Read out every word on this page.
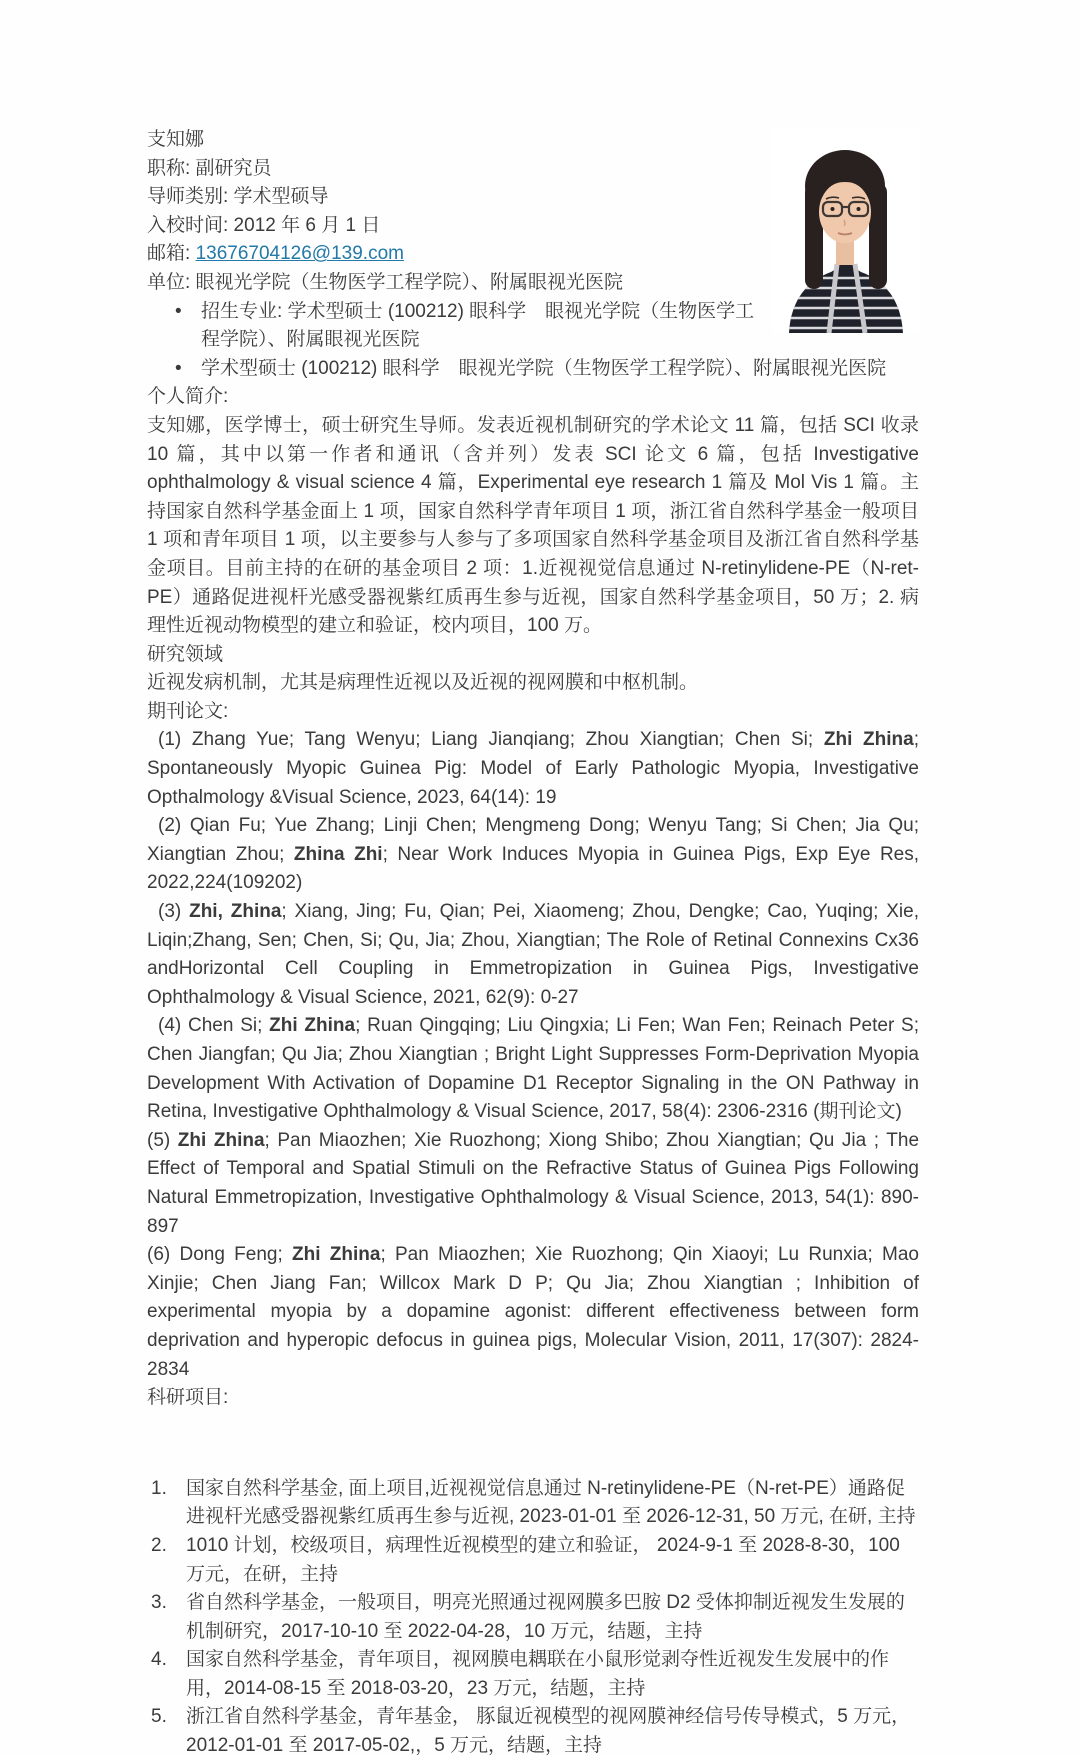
支知娜
职称: 副研究员
导师类别: 学术型硕导
入校时间: 2012 年 6 月 1 日
邮箱: 13676704126@139.com
单位: 眼视光学院（生物医学工程学院）、附属眼视光医院
•	招生专业: 学术型硕士 (100212) 眼科学　眼视光学院（生物医学工程学院）、附属眼视光医院
•	学术型硕士 (100212) 眼科学　眼视光学院（生物医学工程学院）、附属眼视光医院
个人简介:
支知娜，医学博士，硕士研究生导师。发表近视机制研究的学术论文 11 篇，包括 SCI 收录 10 篇，其中以第一作者和通讯（含并列）发表 SCI 论文 6 篇，包括 Investigative ophthalmology & visual science 4 篇，Experimental eye research 1 篇及 Mol Vis 1 篇。主持国家自然科学基金面上 1 项，国家自然科学青年项目 1 项，浙江省自然科学基金一般项目 1 项和青年项目 1 项，以主要参与人参与了多项国家自然科学基金项目及浙江省自然科学基金项目。目前主持的在研的基金项目 2 项：1.近视视觉信息通过 N-retinylidene-PE（N-ret-PE）通路促进视杆光感受器视紫红质再生参与近视，国家自然科学基金项目，50 万；2. 病理性近视动物模型的建立和验证，校内项目，100 万。
研究领域
近视发病机制，尤其是病理性近视以及近视的视网膜和中枢机制。
期刊论文:
(1) Zhang Yue; Tang Wenyu; Liang Jianqiang; Zhou Xiangtian; Chen Si; Zhi Zhina; Spontaneously Myopic Guinea Pig: Model of Early Pathologic Myopia, Investigative Opthalmology &Visual Science, 2023, 64(14): 19
(2) Qian Fu; Yue Zhang; Linji Chen; Mengmeng Dong; Wenyu Tang; Si Chen; Jia Qu; Xiangtian Zhou; Zhina Zhi; Near Work Induces Myopia in Guinea Pigs, Exp Eye Res, 2022,224(109202)
(3) Zhi, Zhina; Xiang, Jing; Fu, Qian; Pei, Xiaomeng; Zhou, Dengke; Cao, Yuqing; Xie, Liqin;Zhang, Sen; Chen, Si; Qu, Jia; Zhou, Xiangtian; The Role of Retinal Connexins Cx36 andHorizontal Cell Coupling in Emmetropization in Guinea Pigs, Investigative Ophthalmology & Visual Science, 2021, 62(9): 0-27
(4) Chen Si; Zhi Zhina; Ruan Qingqing; Liu Qingxia; Li Fen; Wan Fen; Reinach Peter S; Chen Jiangfan; Qu Jia; Zhou Xiangtian ; Bright Light Suppresses Form-Deprivation Myopia Development With Activation of Dopamine D1 Receptor Signaling in the ON Pathway in Retina, Investigative Ophthalmology & Visual Science, 2017, 58(4): 2306-2316 (期刊论文)
(5) Zhi Zhina; Pan Miaozhen; Xie Ruozhong; Xiong Shibo; Zhou Xiangtian; Qu Jia ; The Effect of Temporal and Spatial Stimuli on the Refractive Status of Guinea Pigs Following Natural Emmetropization, Investigative Ophthalmology & Visual Science, 2013, 54(1): 890-897
(6) Dong Feng; Zhi Zhina; Pan Miaozhen; Xie Ruozhong; Qin Xiaoyi; Lu Runxia; Mao Xinjie; Chen Jiang Fan; Willcox Mark D P; Qu Jia; Zhou Xiangtian ; Inhibition of experimental myopia by a dopamine agonist: different effectiveness between form deprivation and hyperopic defocus in guinea pigs, Molecular Vision, 2011, 17(307): 2824-2834
科研项目:
1.	国家自然科学基金, 面上项目,近视视觉信息通过 N-retinylidene-PE（N-ret-PE）通路促进视杆光感受器视紫红质再生参与近视, 2023-01-01 至 2026-12-31, 50 万元, 在研, 主持
2.	1010 计划，校级项目，病理性近视模型的建立和验证， 2024-9-1 至 2028-8-30，100 万元，在研，主持
3.	省自然科学基金，一般项目，明亮光照通过视网膜多巴胺 D2 受体抑制近视发生发展的机制研究，2017-10-10 至 2022-04-28，10 万元，结题，主持
4.	国家自然科学基金，青年项目，视网膜电耦联在小鼠形觉剥夺性近视发生发展中的作用，2014-08-15 至 2018-03-20，23 万元，结题，主持
5.	浙江省自然科学基金，青年基金， 豚鼠近视模型的视网膜神经信号传导模式，5 万元，2012-01-01 至 2017-05-02,，5 万元，结题，主持
